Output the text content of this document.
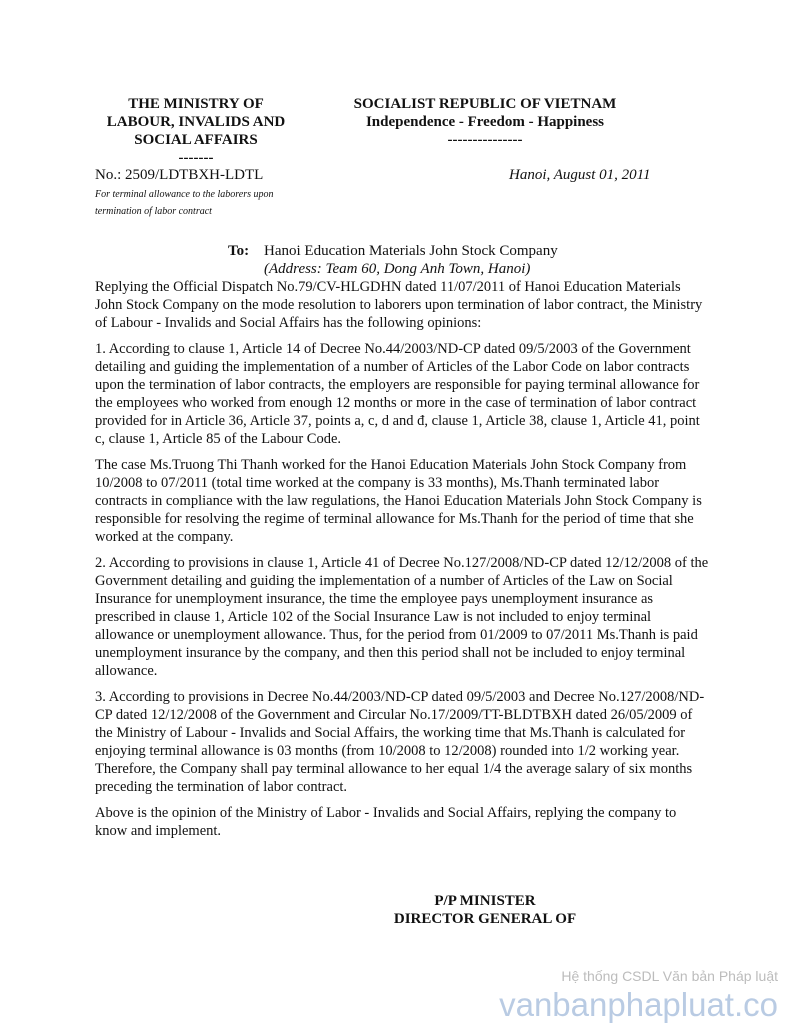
THE MINISTRY OF
LABOUR, INVALIDS AND
SOCIAL AFFAIRS
-------
SOCIALIST REPUBLIC OF VIETNAM
Independence - Freedom - Happiness
---------------
No.: 2509/LDTBXH-LDTL
For terminal allowance to the laborers upon termination of labor contract
Hanoi, August 01, 2011
To: Hanoi Education Materials John Stock Company
(Address: Team 60, Dong Anh Town, Hanoi)

Replying the Official Dispatch No.79/CV-HLGDHN dated 11/07/2011 of Hanoi Education Materials John Stock Company on the mode resolution to laborers upon termination of labor contract, the Ministry of Labour - Invalids and Social Affairs has the following opinions:

1. According to clause 1, Article 14 of Decree No.44/2003/ND-CP dated 09/5/2003 of the Government detailing and guiding the implementation of a number of Articles of the Labor Code on labor contracts upon the termination of labor contracts, the employers are responsible for paying terminal allowance for the employees who worked from enough 12 months or more in the case of termination of labor contract provided for in Article 36, Article 37, points a, c, d and đ, clause 1, Article 38, clause 1, Article 41, point c, clause 1, Article 85 of the Labour Code.

The case Ms.Truong Thi Thanh worked for the Hanoi Education Materials John Stock Company from 10/2008 to 07/2011 (total time worked at the company is 33 months), Ms.Thanh terminated labor contracts in compliance with the law regulations, the Hanoi Education Materials John Stock Company is responsible for resolving the regime of terminal allowance for Ms.Thanh for the period of time that she worked at the company.

2. According to provisions in clause 1, Article 41 of Decree No.127/2008/ND-CP dated 12/12/2008 of the Government detailing and guiding the implementation of a number of Articles of the Law on Social Insurance for unemployment insurance, the time the employee pays unemployment insurance as prescribed in clause 1, Article 102 of the Social Insurance Law is not included to enjoy terminal allowance or unemployment allowance. Thus, for the period from 01/2009 to 07/2011 Ms.Thanh is paid unemployment insurance by the company, and then this period shall not be included to enjoy terminal allowance.

3. According to provisions in Decree No.44/2003/ND-CP dated 09/5/2003 and Decree No.127/2008/ND-CP dated 12/12/2008 of the Government and Circular No.17/2009/TT-BLDTBXH dated 26/05/2009 of the Ministry of Labour - Invalids and Social Affairs, the working time that Ms.Thanh is calculated for enjoying terminal allowance is 03 months (from 10/2008 to 12/2008) rounded into 1/2 working year. Therefore, the Company shall pay terminal allowance to her equal 1/4 the average salary of six months preceding the termination of labor contract.

Above is the opinion of the Ministry of Labor - Invalids and Social Affairs, replying the company to know and implement.

P/P MINISTER
DIRECTOR GENERAL OF
Hệ thống CSDL Văn bản Pháp luật
vanbanphapluat.co
